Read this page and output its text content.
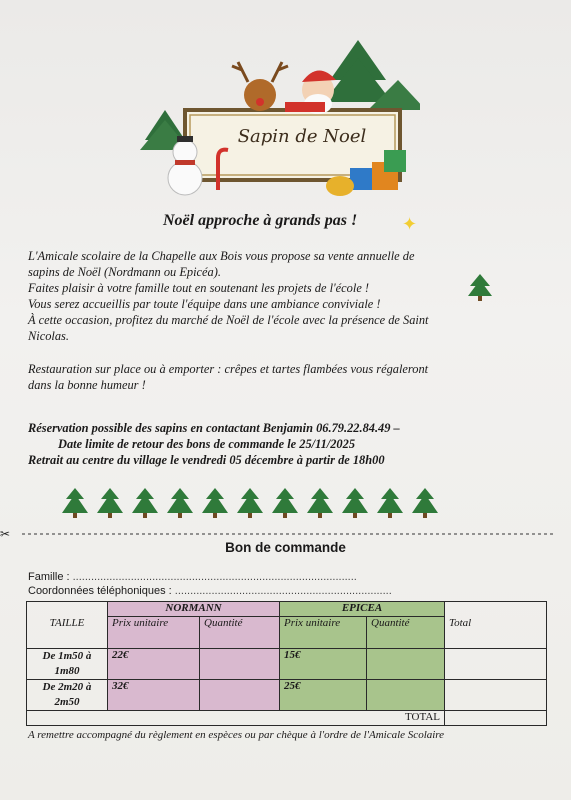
Sapin de Noel
Noël approche à grands pas ! ✦
L'Amicale scolaire de la Chapelle aux Bois vous propose sa vente annuelle de
sapins de Noël (Nordmann ou Epicéa).
Faites plaisir à votre famille tout en soutenant les projets de l'école !
Vous serez accueillis par toute l'équipe dans une ambiance conviviale !
À cette occasion, profitez du marché de Noël de l'école avec la présence de Saint
Nicolas.
Restauration sur place ou à emporter : crêpes et tartes flambées vous régaleront
dans la bonne humeur !
Réservation possible des sapins en contactant Benjamin 06.79.22.84.49 –
Date limite de retour des bons de commande le 25/11/2025
Retrait au centre du village le vendredi 05 décembre à partir de 18h00
✂
Bon de commande
Famille : .............................................................................................
Coordonnées téléphoniques : .......................................................................
	NORMANN		EPICEA		
TAILLE	Prix unitaire	Quantité	Prix unitaire	Quantité	Total
De 1m50 à
1m80	22€		15€		
De 2m20 à
2m50	32€		25€		
TOTAL					
A remettre accompagné du règlement en espèces ou par chèque à l'ordre de l'Amicale Scolaire
